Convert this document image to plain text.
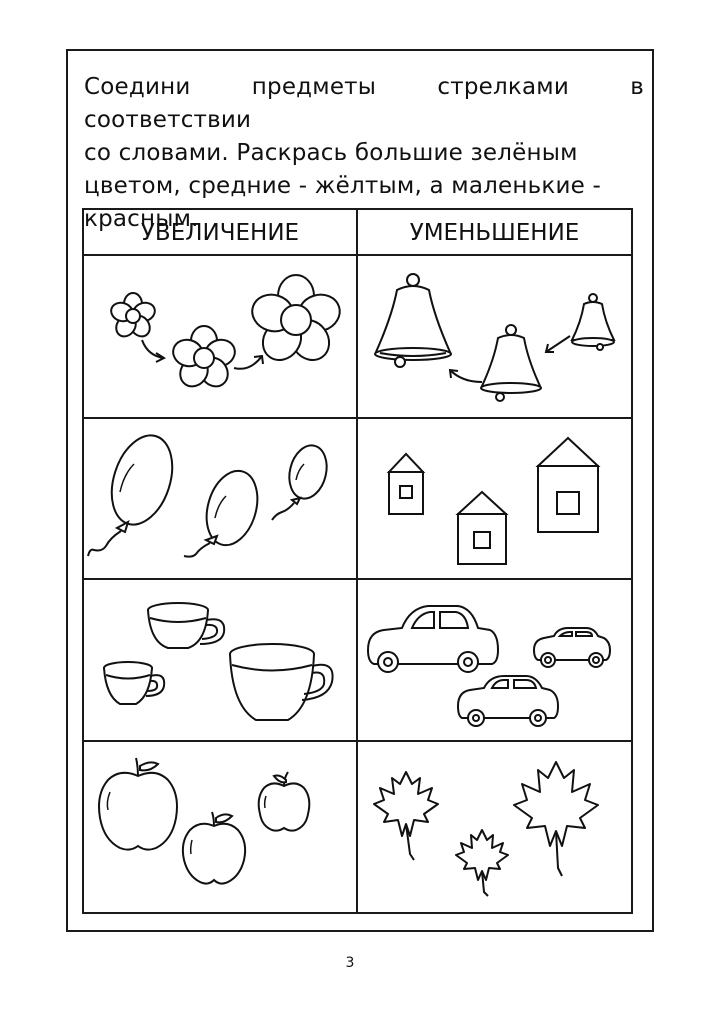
Соедини предметы стрелками в соответствии
со словами. Раскрась большие зелёным
цветом, средние - жёлтым, а маленькие -
красным.
УВЕЛИЧЕНИЕ	УМЕНЬШЕНИЕ
3
